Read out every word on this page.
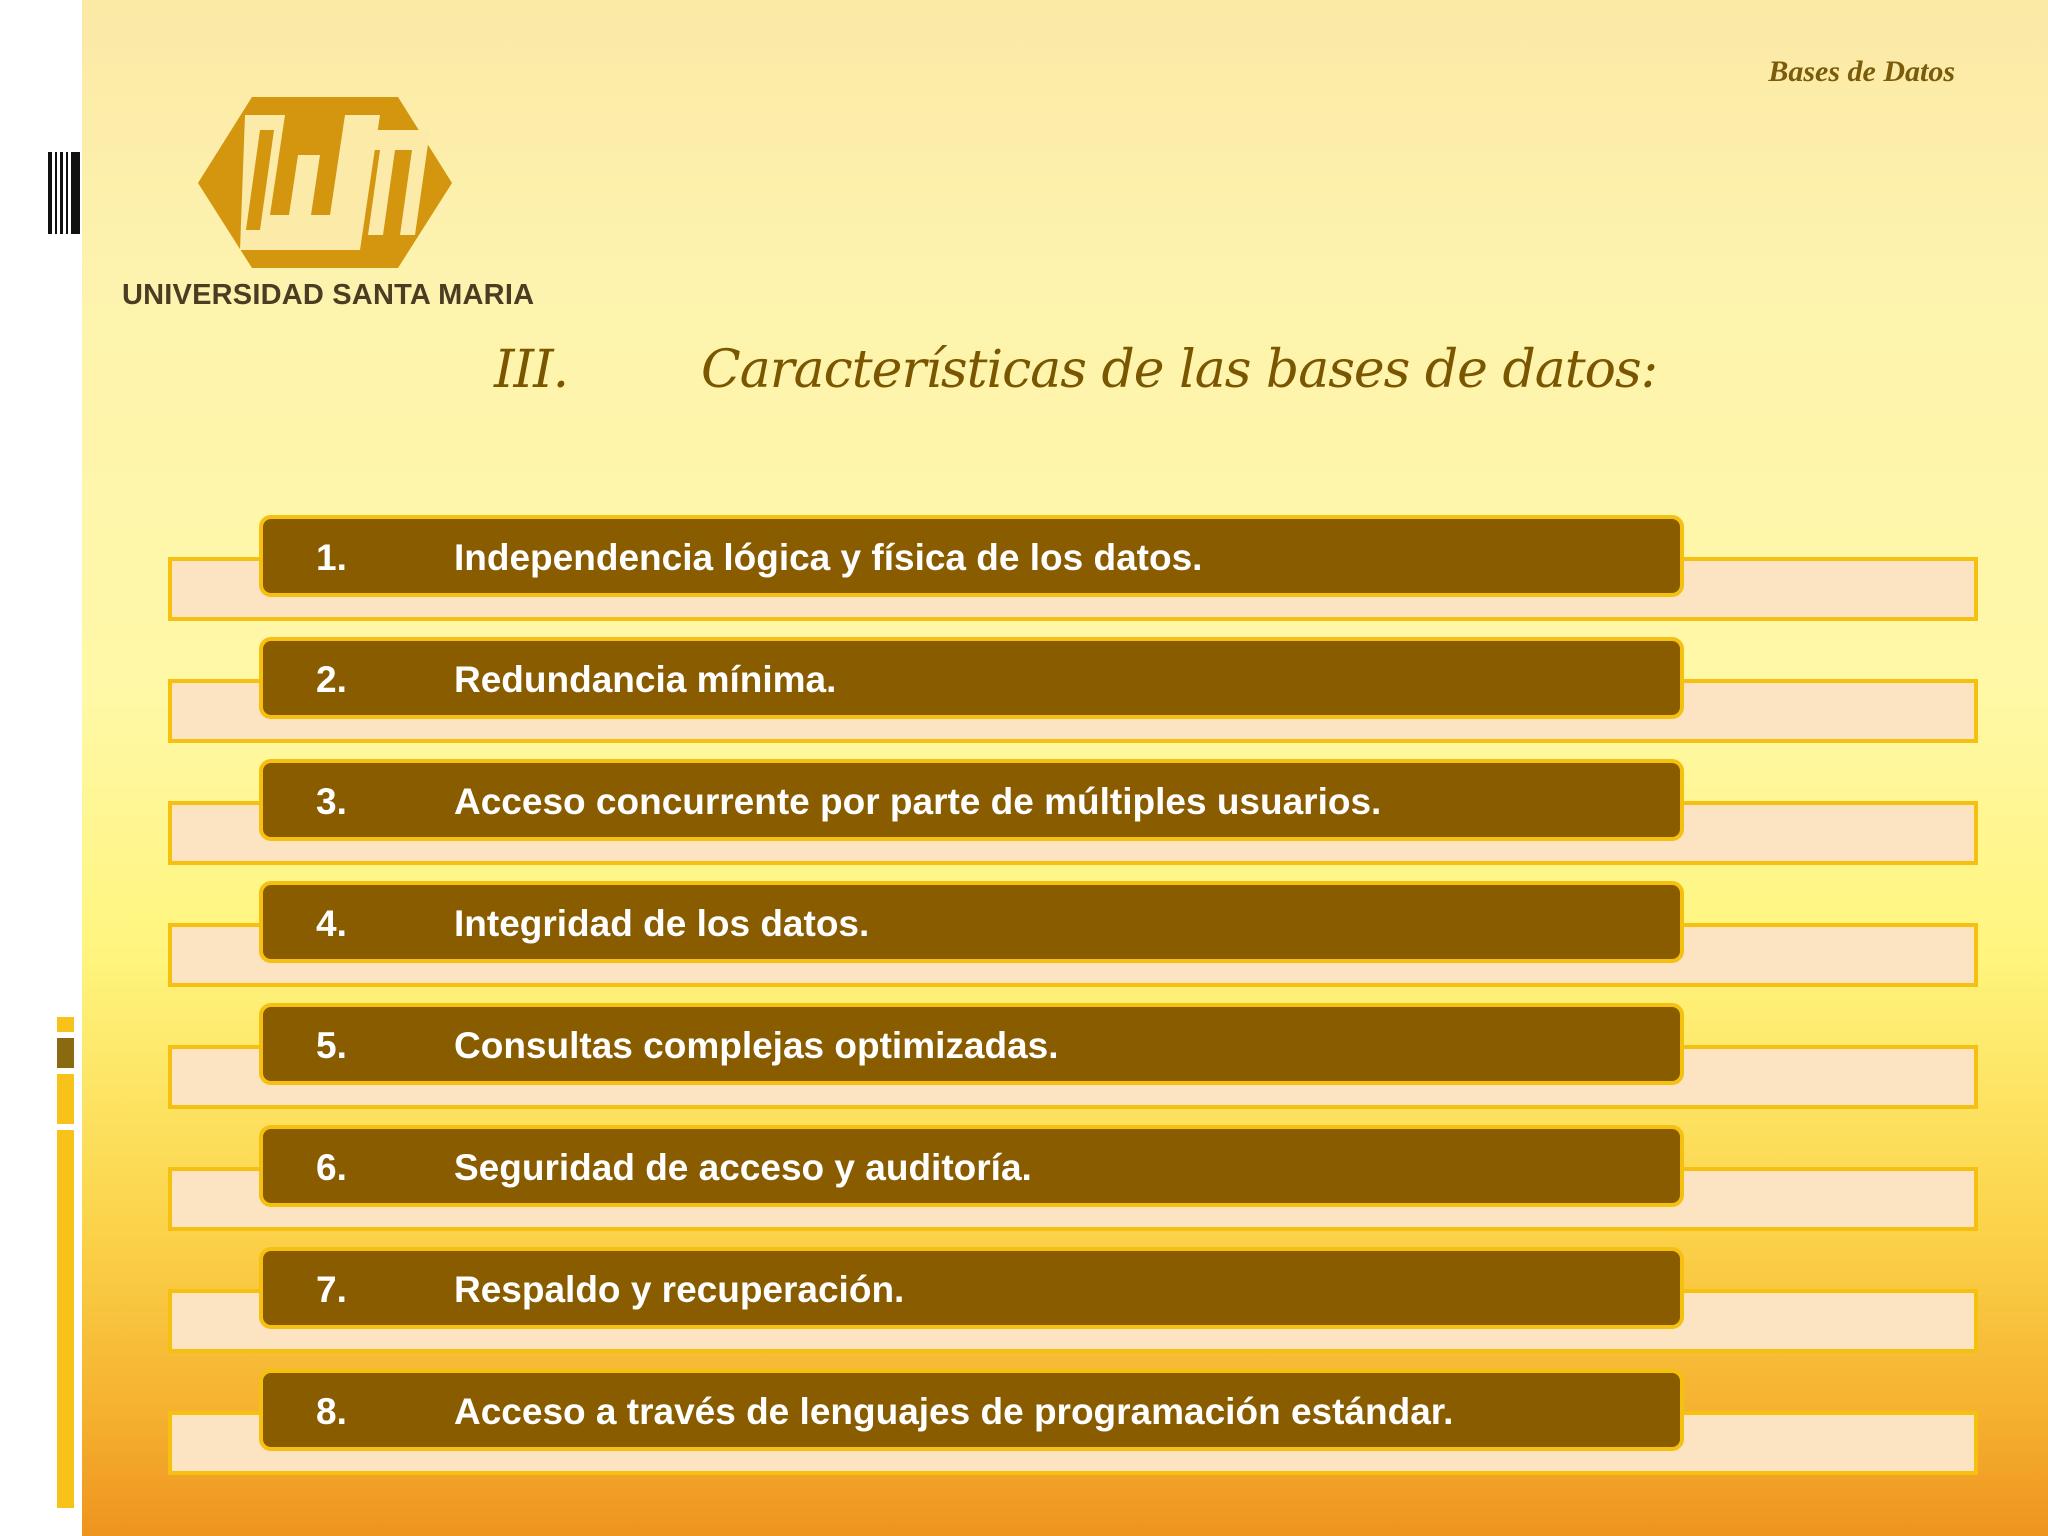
Bases de Datos
UNIVERSIDAD SANTA MARIA
III.	Características de las bases de datos:
1.	Independencia lógica y física de los datos.
2.	Redundancia mínima.
3.	Acceso concurrente por parte de múltiples usuarios.
4.	Integridad de los datos.
5.	Consultas complejas optimizadas.
6.	Seguridad de acceso y auditoría.
7.	Respaldo y recuperación.
8.	Acceso a través de lenguajes de programación estándar.
